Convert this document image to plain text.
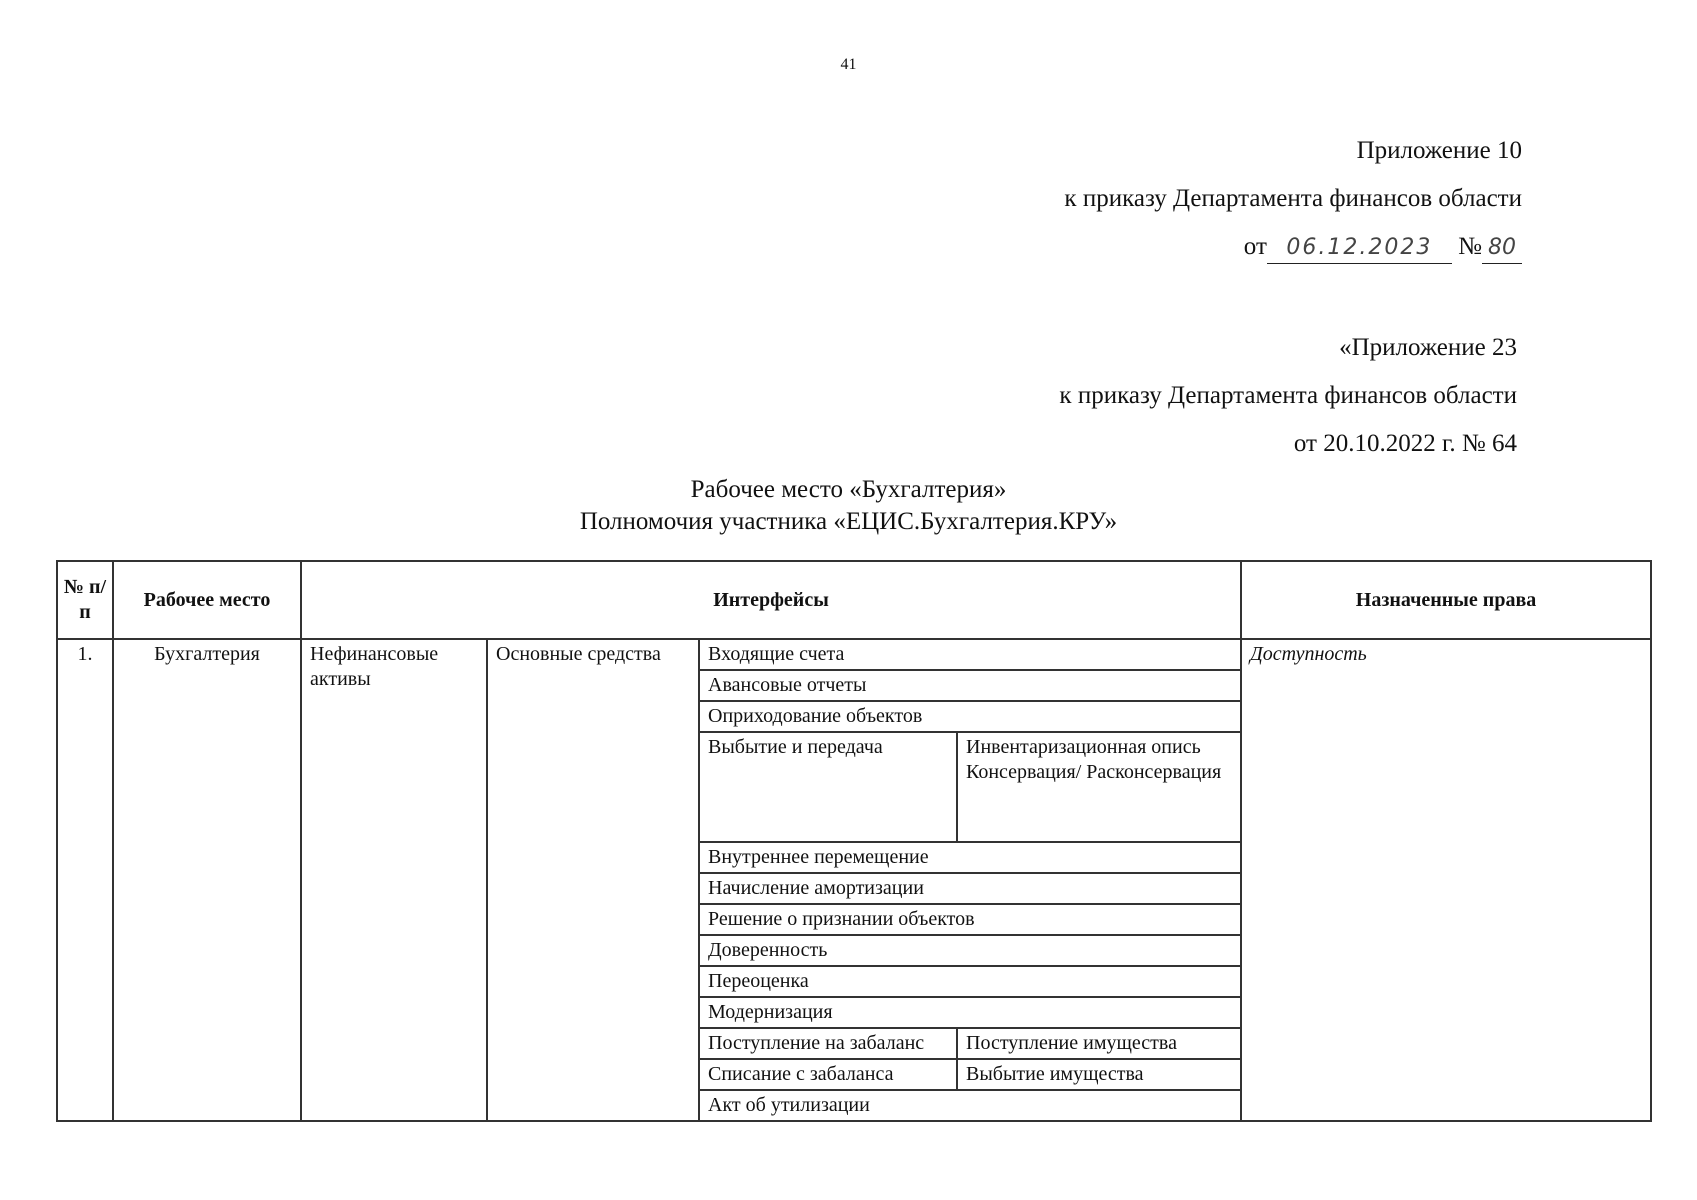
41
Приложение 10
к приказу Департамента финансов области
от 06.12.2023 № 80
«Приложение 23
к приказу Департамента финансов области
от 20.10.2022 г. № 64
Рабочее место «Бухгалтерия»
Полномочия участника «ЕЦИС.Бухгалтерия.КРУ»
№ п/п	Рабочее место	Интерфейсы				Назначенные права
1.	Бухгалтерия	Нефинансовые активы	Основные средства	Входящие счета		Доступность
				Авансовые отчеты		
				Оприходование объектов		
				Выбытие и передача	Инвентаризационная опись
Консервация/ Расконсервация	

				Внутреннее перемещение		
				Начисление амортизации		
				Решение о признании объектов		
				Доверенность		
				Переоценка		
				Модернизация		
				Поступление на забаланс	Поступление имущества	
				Списание с забаланса	Выбытие имущества	
				Акт об утилизации		
